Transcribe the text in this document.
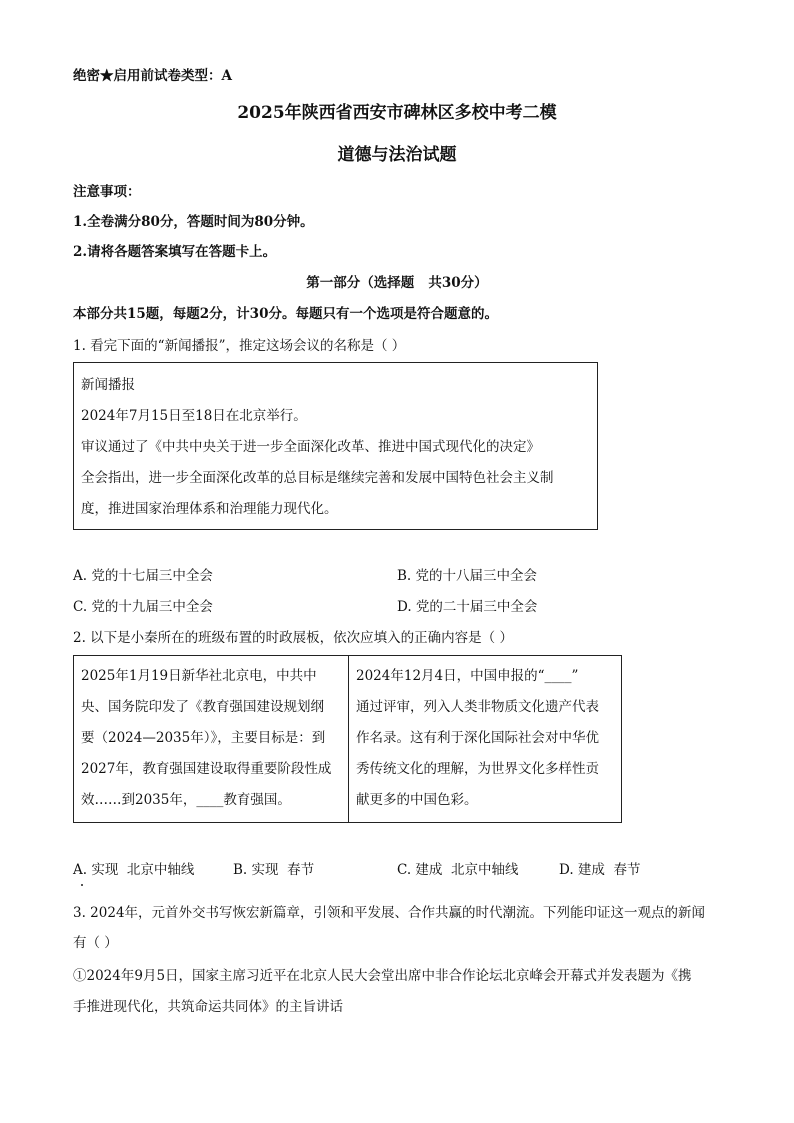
绝密★启用前试卷类型：A
2025年陕西省西安市碑林区多校中考二模
道德与法治试题
注意事项：
1.全卷满分80分，答题时间为80分钟。
2.请将各题答案填写在答题卡上。
第一部分（选择题   共30分）
本部分共15题，每题2分，计30分。每题只有一个选项是符合题意的。
1. 看完下面的“新闻播报”，推定这场会议的名称是（ ）
新闻播报
2024年7月15日至18日在北京举行。
审议通过了《中共中央关于进一步全面深化改革、推进中国式现代化的决定》
全会指出，进一步全面深化改革的总目标是继续完善和发展中国特色社会主义制
度，推进国家治理体系和治理能力现代化。
A. 党的十七届三中全会	B. 党的十八届三中全会
C. 党的十九届三中全会	D. 党的二十届三中全会
2. 以下是小秦所在的班级布置的时政展板，依次应填入的正确内容是（ ）
2025年1月19日新华社北京电，中共中
央、国务院印发了《教育强国建设规划纲
要（2024—2035年）》，主要目标是：到
2027年，教育强国建设取得重要阶段性成
效……到2035年，____教育强国。
2024年12月4日，中国申报的“____”
通过评审，列入人类非物质文化遗产代表
作名录。这有利于深化国际社会对中华优
秀传统文化的理解，为世界文化多样性贡
献更多的中国色彩。
A. 实现  北京中轴线	B. 实现  春节	C. 建成  北京中轴线	D. 建成  春节
3. 2024年，元首外交书写恢宏新篇章，引领和平发展、合作共赢的时代潮流。下列能印证这一观点的新闻
有（ ）
①2024年9月5日，国家主席习近平在北京人民大会堂出席中非合作论坛北京峰会开幕式并发表题为《携
手推进现代化，共筑命运共同体》的主旨讲话
